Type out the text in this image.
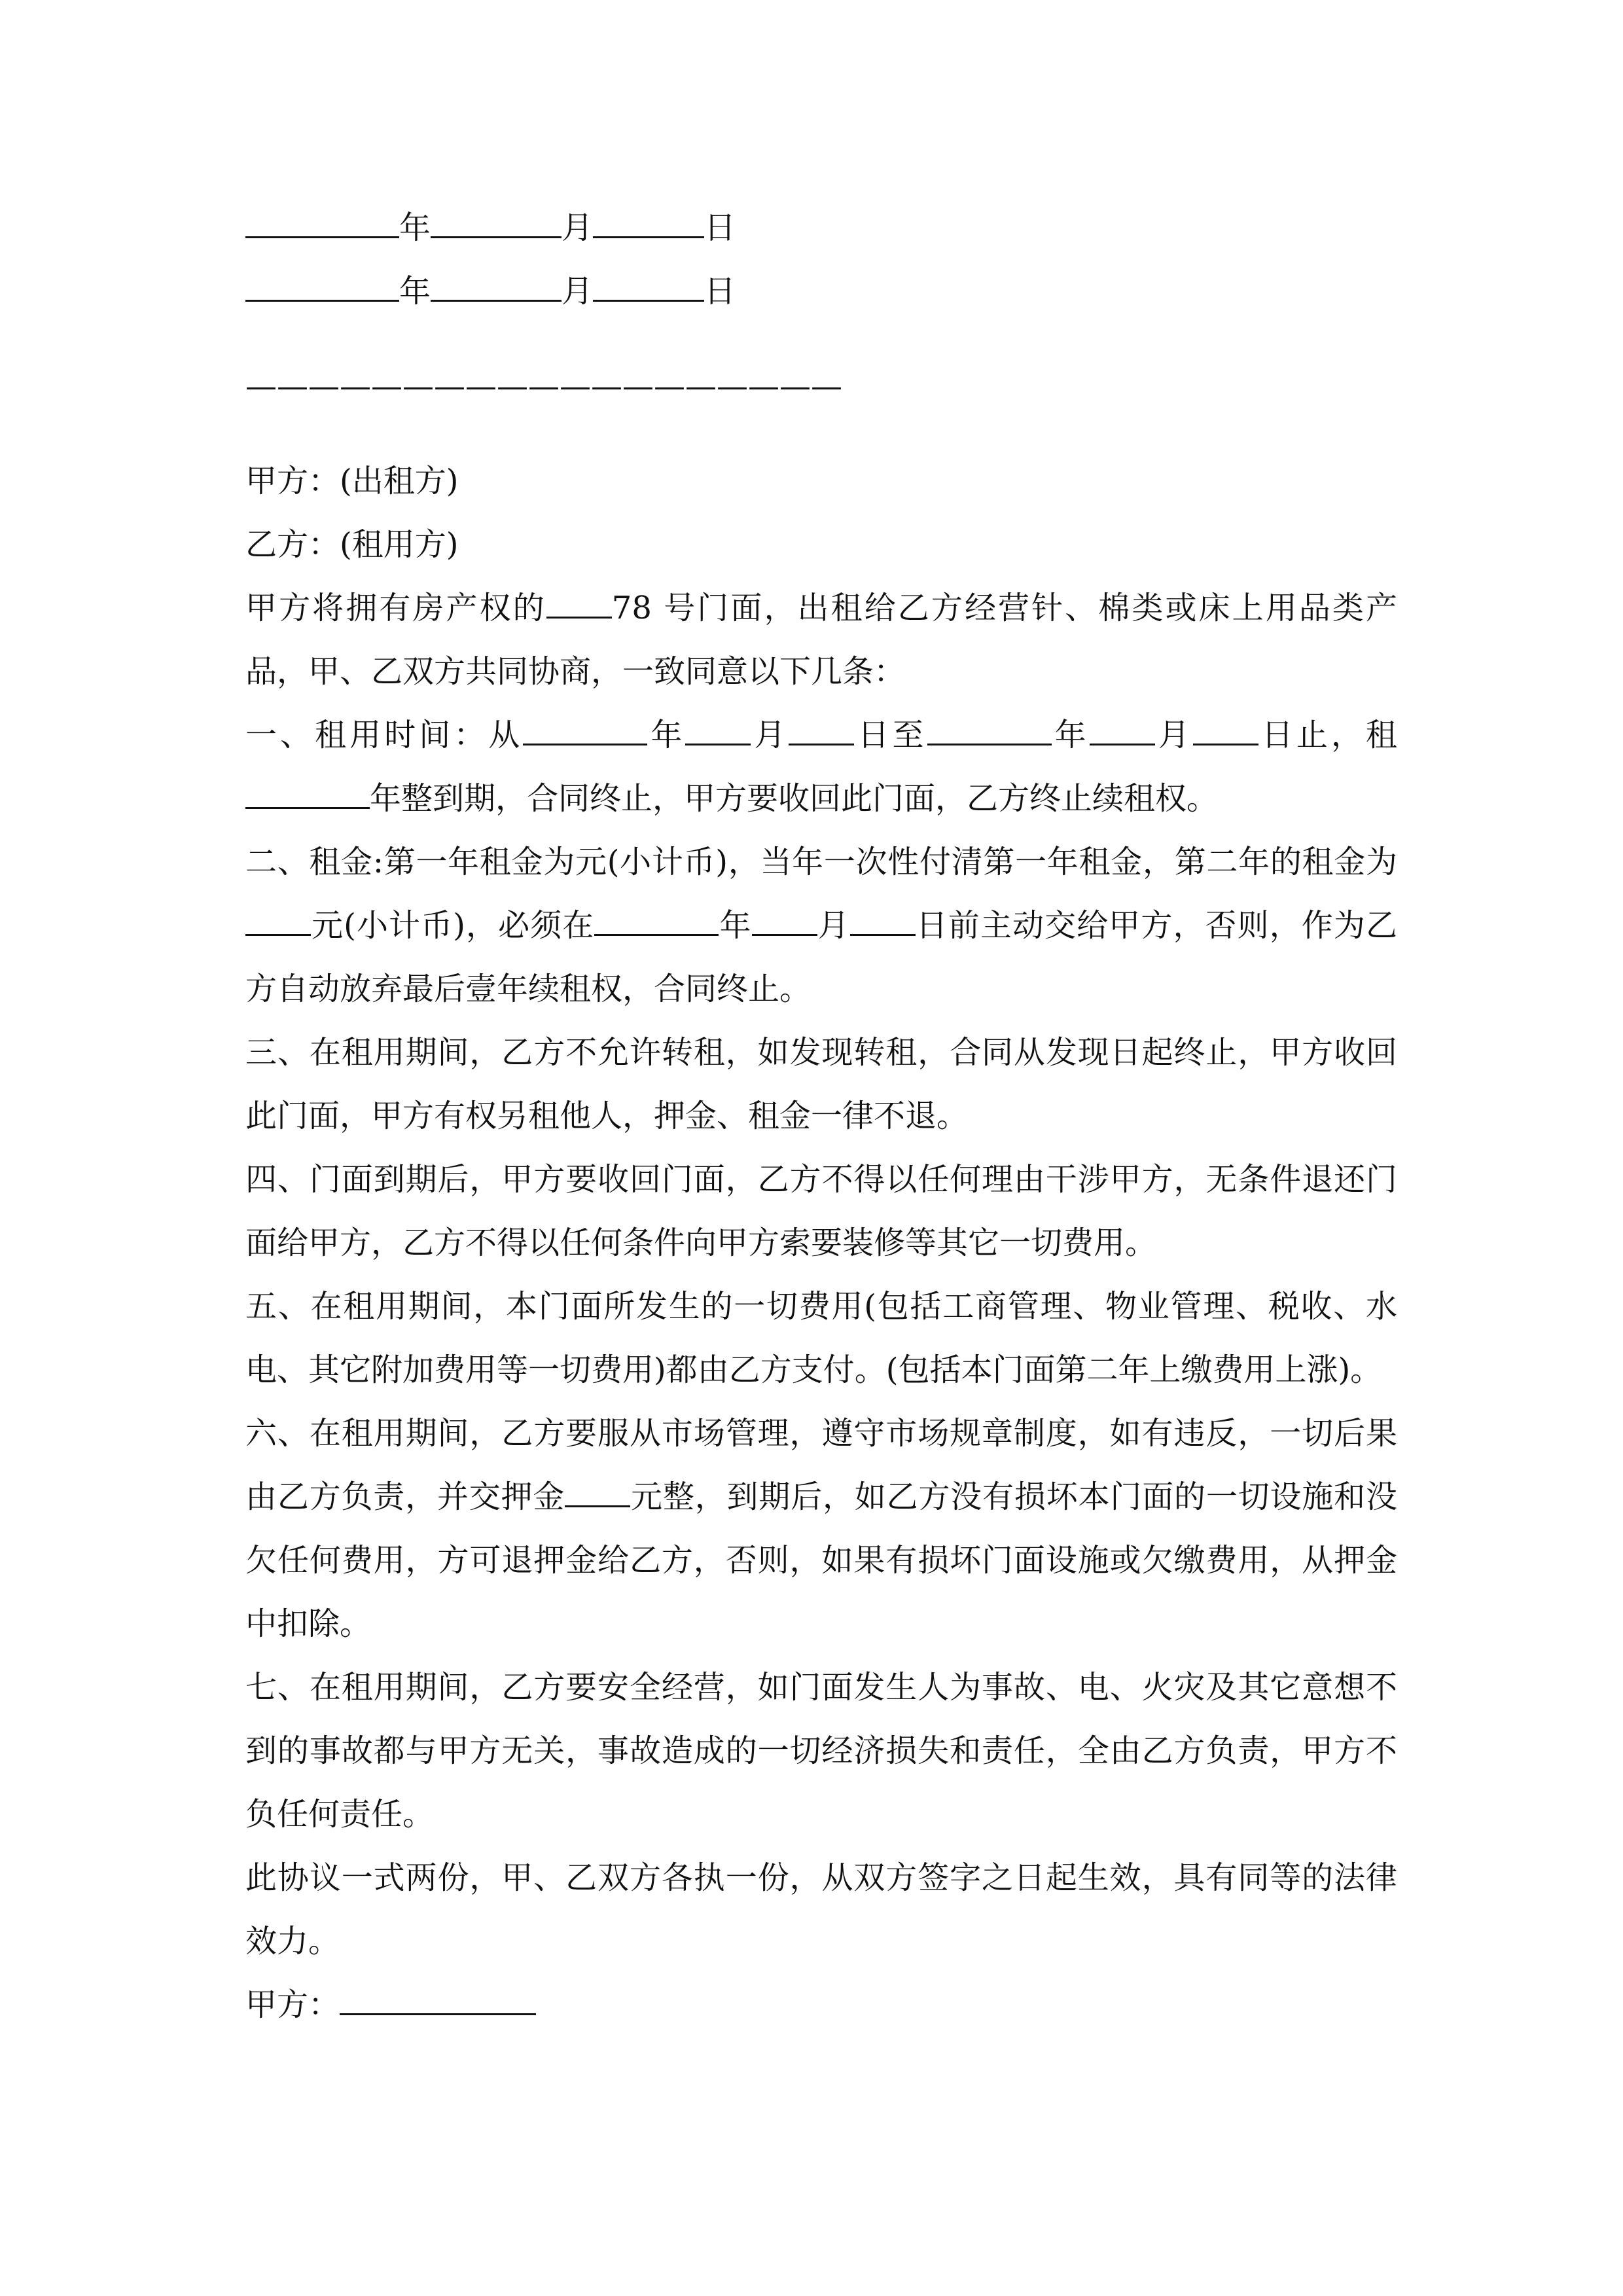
年	月	日

年	月	日

———————————————————

甲方：(出租方)

乙方：(租用方)

甲方将拥有房产权的 78 号门面，出租给乙方经营针、棉类或床上用品类产品，甲、乙双方共同协商，一致同意以下几条：

一、租用时间：从	年 月 日至	年 月 日止，租年整到期，合同终止，甲方要收回此门面，乙方终止续租权。

二、租金:第一年租金为元(小计币)，当年一次性付清第一年租金，第二年的租金为元(小计币)，必须在	年 月 日前主动交给甲方，否则，作为乙方自动放弃最后壹年续租权，合同终止。

三、在租用期间，乙方不允许转租，如发现转租，合同从发现日起终止，甲方收回此门面，甲方有权另租他人，押金、租金一律不退。

四、门面到期后，甲方要收回门面，乙方不得以任何理由干涉甲方，无条件退还门面给甲方，乙方不得以任何条件向甲方索要装修等其它一切费用。

五、在租用期间，本门面所发生的一切费用(包括工商管理、物业管理、税收、水电、其它附加费用等一切费用)都由乙方支付。(包括本门面第二年上缴费用上涨)。

六、在租用期间，乙方要服从市场管理，遵守市场规章制度，如有违反，一切后果由乙方负责，并交押金 元整，到期后，如乙方没有损坏本门面的一切设施和没欠任何费用，方可退押金给乙方，否则，如果有损坏门面设施或欠缴费用，从押金中扣除。

七、在租用期间，乙方要安全经营，如门面发生人为事故、电、火灾及其它意想不到的事故都与甲方无关，事故造成的一切经济损失和责任，全由乙方负责，甲方不负任何责任。

此协议一式两份，甲、乙双方各执一份，从双方签字之日起生效，具有同等的法律效力。

甲方：
